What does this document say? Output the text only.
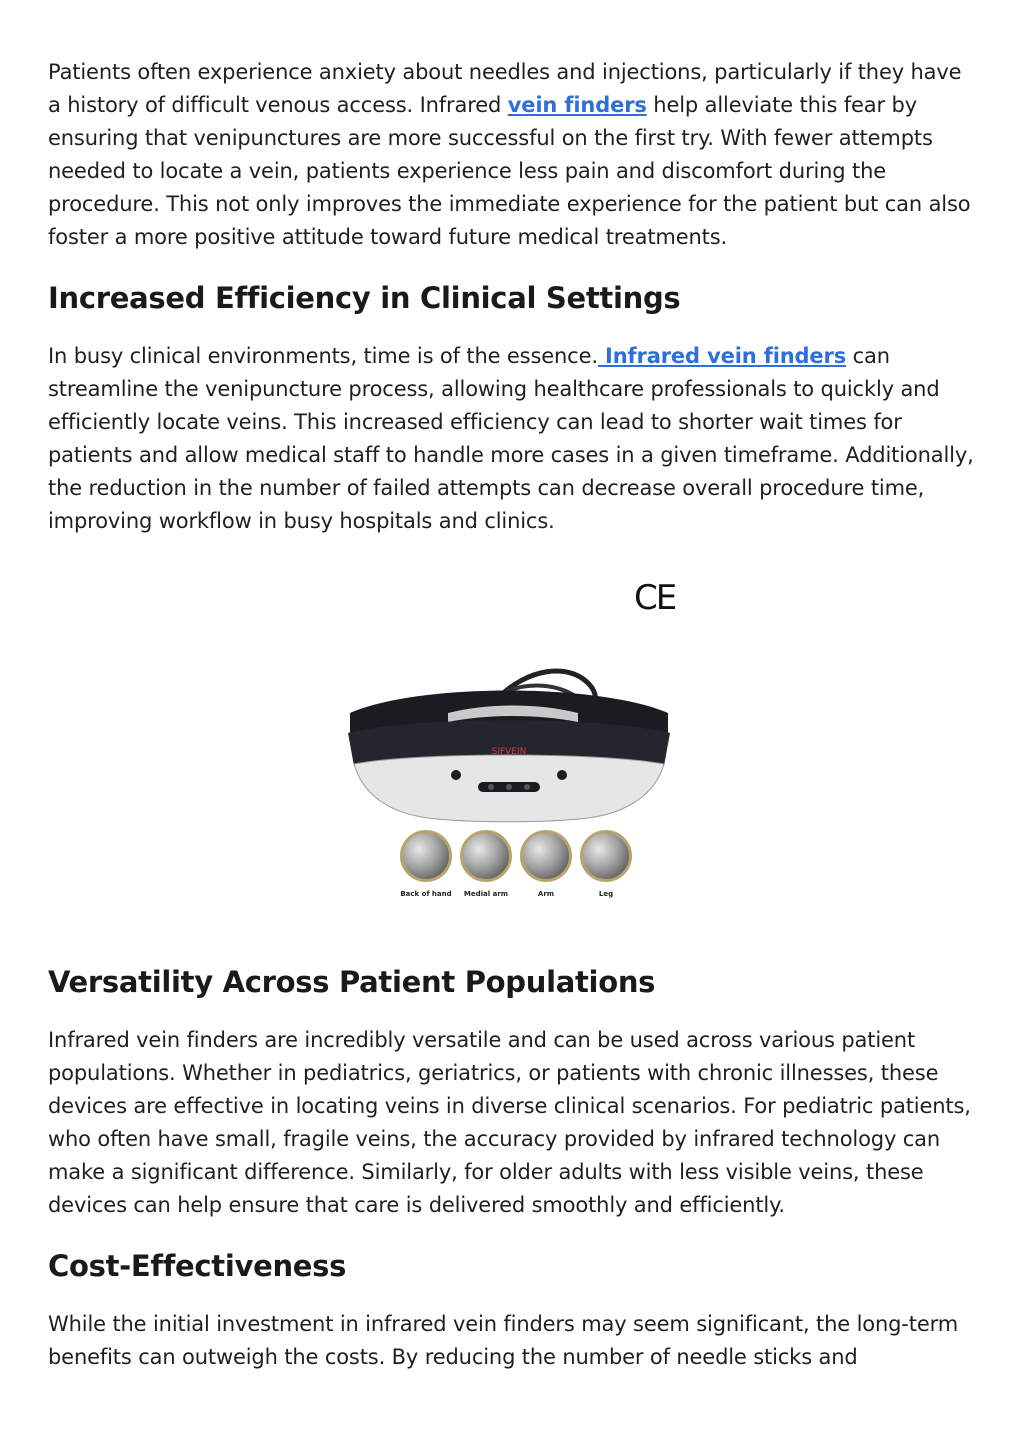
Patients often experience anxiety about needles and injections, particularly if they have a history of difficult venous access. Infrared vein finders help alleviate this fear by ensuring that venipunctures are more successful on the first try. With fewer attempts needed to locate a vein, patients experience less pain and discomfort during the procedure. This not only improves the immediate experience for the patient but can also foster a more positive attitude toward future medical treatments.

Increased Efficiency in Clinical Settings

In busy clinical environments, time is of the essence. Infrared vein finders can streamline the venipuncture process, allowing healthcare professionals to quickly and efficiently locate veins. This increased efficiency can lead to shorter wait times for patients and allow medical staff to handle more cases in a given timeframe. Additionally, the reduction in the number of failed attempts can decrease overall procedure time, improving workflow in busy hospitals and clinics.

CE
SIFVEIN
Back of hand	Medial arm	Arm	Leg
Versatility Across Patient Populations

Infrared vein finders are incredibly versatile and can be used across various patient populations. Whether in pediatrics, geriatrics, or patients with chronic illnesses, these devices are effective in locating veins in diverse clinical scenarios. For pediatric patients, who often have small, fragile veins, the accuracy provided by infrared technology can make a significant difference. Similarly, for older adults with less visible veins, these devices can help ensure that care is delivered smoothly and efficiently.

Cost-Effectiveness

While the initial investment in infrared vein finders may seem significant, the long-term benefits can outweigh the costs. By reducing the number of needle sticks and
